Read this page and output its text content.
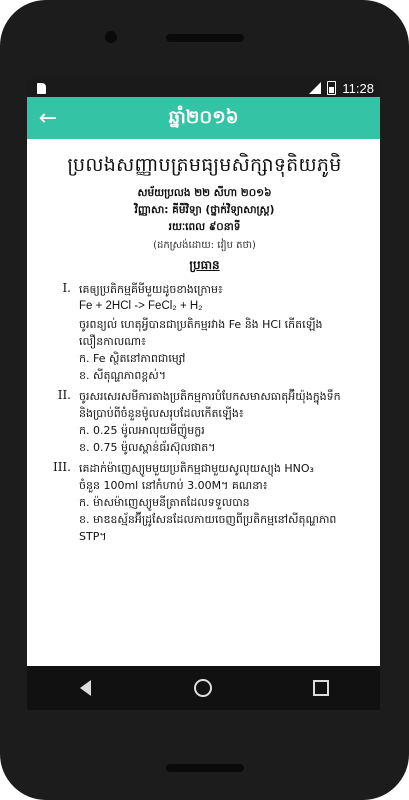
11:28
←	ឆ្នាំ២០១៦
ប្រលងសញ្ញាបត្រមធ្យមសិក្សាទុតិយភូមិ
សម័យប្រលង ២២ សីហា ២០១៦
វិញ្ញាសា: គីមីវិទ្យា (ថ្នាក់វិទ្យាសាស្ត្រ)
រយៈពេល ៩០នាទី
(ដកស្រង់ដោយ: វៀប តថា)
ប្រធាន
I. គេឲ្យប្រតិកម្មគីមីមួយដូចខាងក្រោម៖
Fe + 2HCl -> FeCl₂ + H₂
ចូរពន្យល់ ហេតុអ្វីបានជាប្រតិកម្មរវាង Fe និង HCl កើតឡើង
លឿនកាលណា៖
ក. Fe ស្ថិតនៅភាពជាម្សៅ
ខ. សីតុណ្ហភាពខ្ពស់។
II. ចូរសរសេរសមីការតាងប្រតិកម្មការបំបែកសមាសធាតុអ៊ីយ៉ុងក្នុងទឹក
និងប្រាប់ពីចំនួនម៉ូលសរុបដែលកើតឡើង៖
ក. 0.25 ម៉ូលអាលុយមីញ៉ូមក្លរ
ខ. 0.75 ម៉ូលស្ពាន់ធ័រស៊ុលផាត។
III. គេដាក់ម៉ាញេស្យូមមួយប្រតិកម្មជាមួយសូលុយស្យុង HNO₃
ចំនួន 100ml នៅកំហាប់ 3.00M។ គណនា៖
ក. ម៉ាសម៉ាញេស្យូមនីត្រាតដែលទទួលបាន
ខ. មាឌឧស្ម័នអ៊ីដ្រូសែនដែលភាយចេញពីប្រតិកម្មនៅសីតុណ្ហភាព
STP។
